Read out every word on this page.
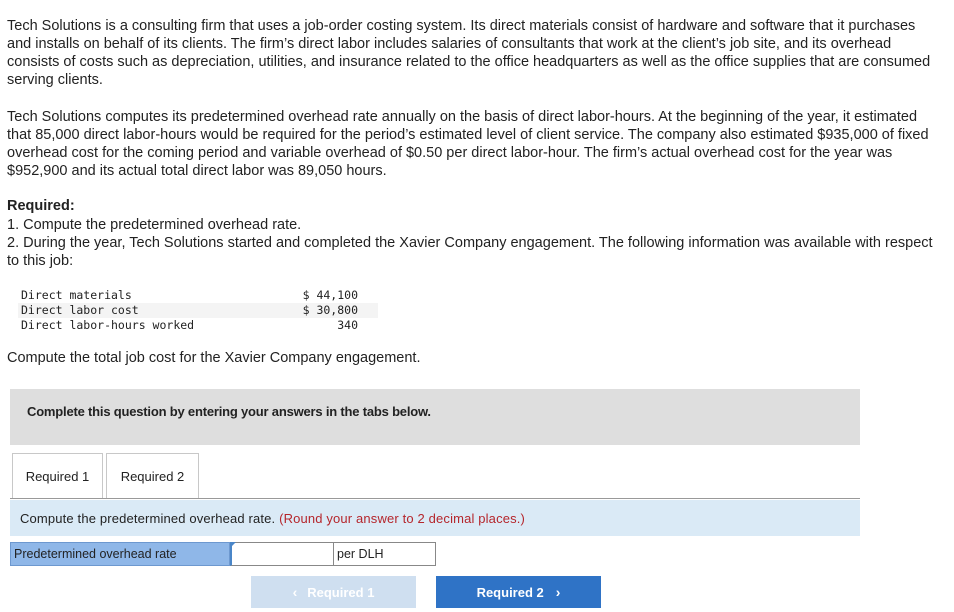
Tech Solutions is a consulting firm that uses a job-order costing system. Its direct materials consist of hardware and software that it purchases and installs on behalf of its clients. The firm’s direct labor includes salaries of consultants that work at the client’s job site, and its overhead consists of costs such as depreciation, utilities, and insurance related to the office headquarters as well as the office supplies that are consumed serving clients.

Tech Solutions computes its predetermined overhead rate annually on the basis of direct labor-hours. At the beginning of the year, it estimated that 85,000 direct labor-hours would be required for the period’s estimated level of client service. The company also estimated $935,000 of fixed overhead cost for the coming period and variable overhead of $0.50 per direct labor-hour. The firm’s actual overhead cost for the year was $952,900 and its actual total direct labor was 89,050 hours.

Required:
1. Compute the predetermined overhead rate.
2. During the year, Tech Solutions started and completed the Xavier Company engagement. The following information was available with respect to this job:
Direct materials	$ 44,100
Direct labor cost	$ 30,800
Direct labor-hours worked	340
Compute the total job cost for the Xavier Company engagement.
Complete this question by entering your answers in the tabs below.
Required 1	Required 2
Compute the predetermined overhead rate. (Round your answer to 2 decimal places.)
Predetermined overhead rate	per DLH
‹ Required 1	Required 2 ›
